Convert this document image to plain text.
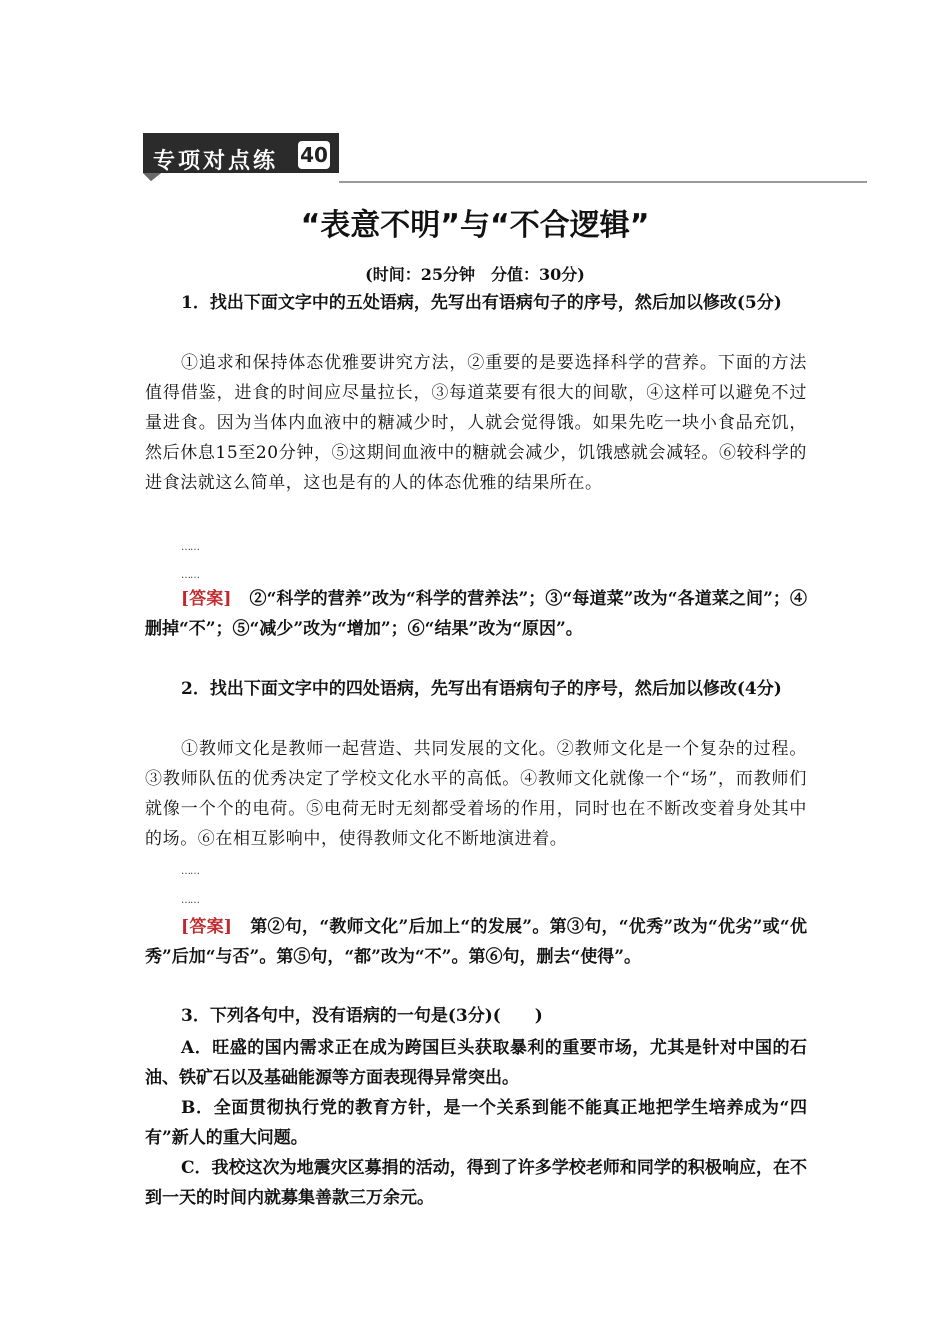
专项对点练 40
“表意不明”与“不合逻辑”
(时间：25分钟　分值：30分)
1．找出下面文字中的五处语病，先写出有语病句子的序号，然后加以修改(5分)
①追求和保持体态优雅要讲究方法，②重要的是要选择科学的营养。下面的方法值得借鉴，进食的时间应尽量拉长，③每道菜要有很大的间歇，④这样可以避免不过量进食。因为当体内血液中的糖减少时，人就会觉得饿。如果先吃一块小食品充饥，然后休息15至20分钟，⑤这期间血液中的糖就会减少，饥饿感就会减轻。⑥较科学的进食法就这么简单，这也是有的人的体态优雅的结果所在。
……
……
[答案] ②“科学的营养”改为“科学的营养法”；③“每道菜”改为“各道菜之间”；④删掉“不”；⑤“减少”改为“增加”；⑥“结果”改为“原因”。
2．找出下面文字中的四处语病，先写出有语病句子的序号，然后加以修改(4分)
①教师文化是教师一起营造、共同发展的文化。②教师文化是一个复杂的过程。③教师队伍的优秀决定了学校文化水平的高低。④教师文化就像一个“场”，而教师们就像一个个的电荷。⑤电荷无时无刻都受着场的作用，同时也在不断改变着身处其中的场。⑥在相互影响中，使得教师文化不断地演进着。
……
……
[答案] 第②句，“教师文化”后加上“的发展”。第③句，“优秀”改为“优劣”或“优秀”后加“与否”。第⑤句，“都”改为“不”。第⑥句，删去“使得”。
3．下列各句中，没有语病的一句是(3分)(　　)
A．旺盛的国内需求正在成为跨国巨头获取暴利的重要市场，尤其是针对中国的石油、铁矿石以及基础能源等方面表现得异常突出。
B．全面贯彻执行党的教育方针，是一个关系到能不能真正地把学生培养成为“四有”新人的重大问题。
C．我校这次为地震灾区募捐的活动，得到了许多学校老师和同学的积极响应，在不到一天的时间内就募集善款三万余元。
